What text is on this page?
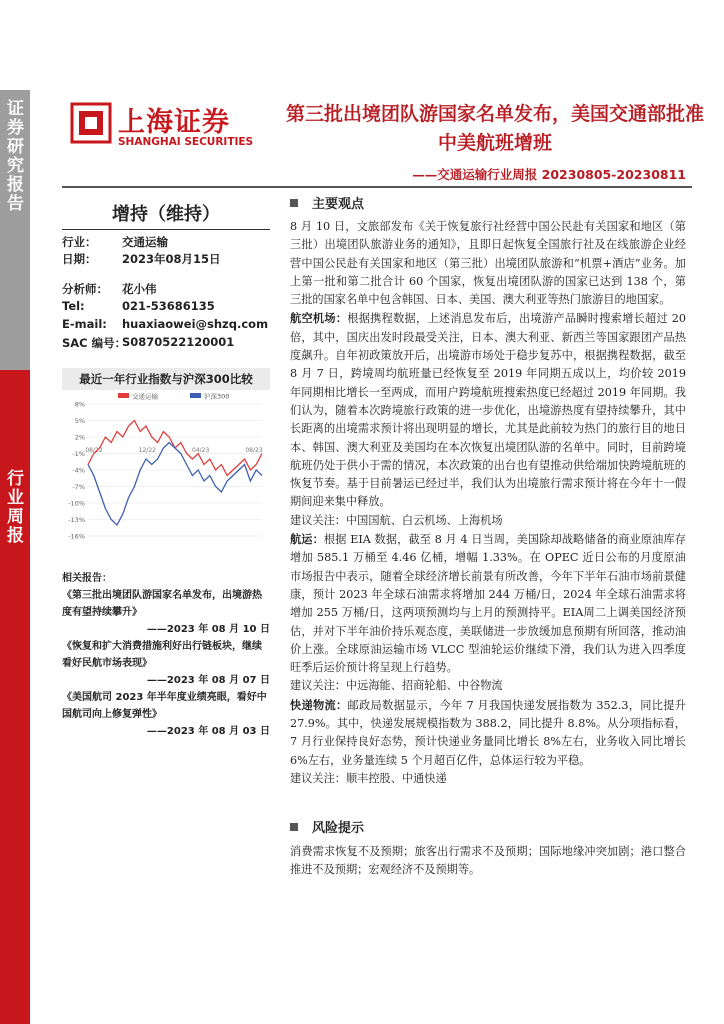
证券研究报告
行业周报
上海证券
SHANGHAI SECURITIES
第三批出境团队游国家名单发布，美国交通部批准中美航班增班
——交通运输行业周报 20230805-20230811
增持（维持）
行业： 交通运输
日期： 2023年08月15日
分析师： 花小伟
Tel:	021-53686135
E-mail: huaxiaowei@shzq.com
SAC 编号：
S0870522120001
最近一年行业指数与沪深300比较
8%
5%
2%
-1%
-4%
-7%
-10%
-13%
-16%
08/22	12/22	04/23	08/23
交通运输	沪深300
相关报告：
《第三批出境团队游国家名单发布，出境游热度有望持续攀升》
——2023 年 08 月 10 日
《恢复和扩大消费措施利好出行链板块，继续看好民航市场表现》
——2023 年 08 月 07 日
《美国航司 2023 年半年度业绩亮眼，看好中国航司向上修复弹性》
——2023 年 08 月 03 日
主要观点

8 月 10 日，文旅部发布《关于恢复旅行社经营中国公民赴有关国家和地区（第三批）出境团队旅游业务的通知》，且即日起恢复全国旅行社及在线旅游企业经营中国公民赴有关国家和地区（第三批）出境团队旅游和“机票+酒店”业务。加上第一批和第二批合计 60 个国家，恢复出境团队游的国家已达到 138 个，第三批的国家名单中包含韩国、日本、美国、澳大利亚等热门旅游目的地国家。

航空机场：根据携程数据，上述消息发布后，出境游产品瞬时搜索增长超过 20 倍，其中，国庆出发时段最受关注，日本、澳大利亚、新西兰等国家跟团产品热度飙升。自年初政策放开后，出境游市场处于稳步复苏中，根据携程数据，截至 8 月 7 日，跨境周均航班量已经恢复至 2019 年同期五成以上，均价较 2019 年同期相比增长一至两成，而用户跨境航班搜索热度已经超过 2019 年同期。我们认为，随着本次跨境旅行政策的进一步优化，出境游热度有望持续攀升，其中长距离的出境需求预计将出现明显的增长，尤其是此前较为热门的旅行目的地日本、韩国、澳大利亚及美国均在本次恢复出境团队游的名单中。同时，目前跨境航班仍处于供小于需的情况，本次政策的出台也有望推动供给端加快跨境航班的恢复节奏。基于目前暑运已经过半，我们认为出境旅行需求预计将在今年十一假期间迎来集中释放。

建议关注：中国国航、白云机场、上海机场

航运：根据 EIA 数据，截至 8 月 4 日当周，美国除却战略储备的商业原油库存增加 585.1 万桶至 4.46 亿桶，增幅 1.33%。在 OPEC 近日公布的月度原油市场报告中表示，随着全球经济增长前景有所改善，今年下半年石油市场前景健康，预计 2023 年全球石油需求将增加 244 万桶/日，2024 年全球石油需求将增加 255 万桶/日，这两项预测均与上月的预测持平。EIA周二上调美国经济预估，并对下半年油价持乐观态度，美联储进一步放缓加息预期有所回落，推动油价上涨。全球原油运输市场 VLCC 型油轮运价继续下滑，我们认为进入四季度旺季后运价预计将呈现上行趋势。

建议关注：中远海能、招商轮船、中谷物流

快递物流：邮政局数据显示，今年 7 月我国快递发展指数为 352.3，同比提升 27.9%。其中，快递发展规模指数为 388.2，同比提升 8.8%。从分项指标看，7 月行业保持良好态势，预计快递业务量同比增长 8%左右，业务收入同比增长 6%左右，业务量连续 5 个月超百亿件，总体运行较为平稳。

建议关注：顺丰控股、中通快递

风险提示
消费需求恢复不及预期；旅客出行需求不及预期；国际地缘冲突加剧；港口整合推进不及预期；宏观经济不及预期等。
